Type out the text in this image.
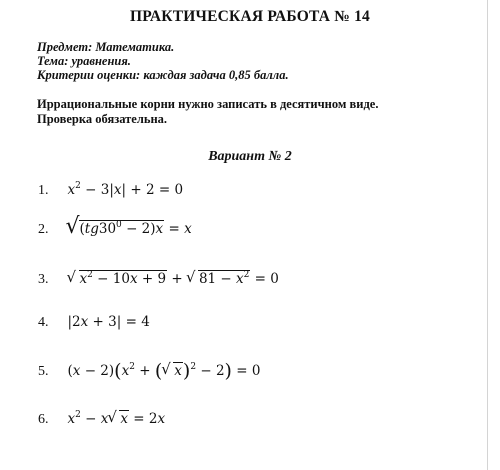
ПРАКТИЧЕСКАЯ РАБОТА № 14
Предмет: Математика.
Тема: уравнения.
Критерии оценки: каждая задача 0,85 балла.
Иррациональные корни нужно записать в десятичном виде.
Проверка обязательна.
Вариант № 2
1. $x^2 - 3|x| + 2 = 0$
2. √ $(tg30^0 - 2)x = x$
3. √ $x^2 - 10x + 9$ + √ $81 - x^2 = 0$
4. |2x + 3| = 4
5. $(x - 2)(x^2$ + ( √ x)$^2$ − 2) = 0
6. $x^2 - x$ √ x = 2x
